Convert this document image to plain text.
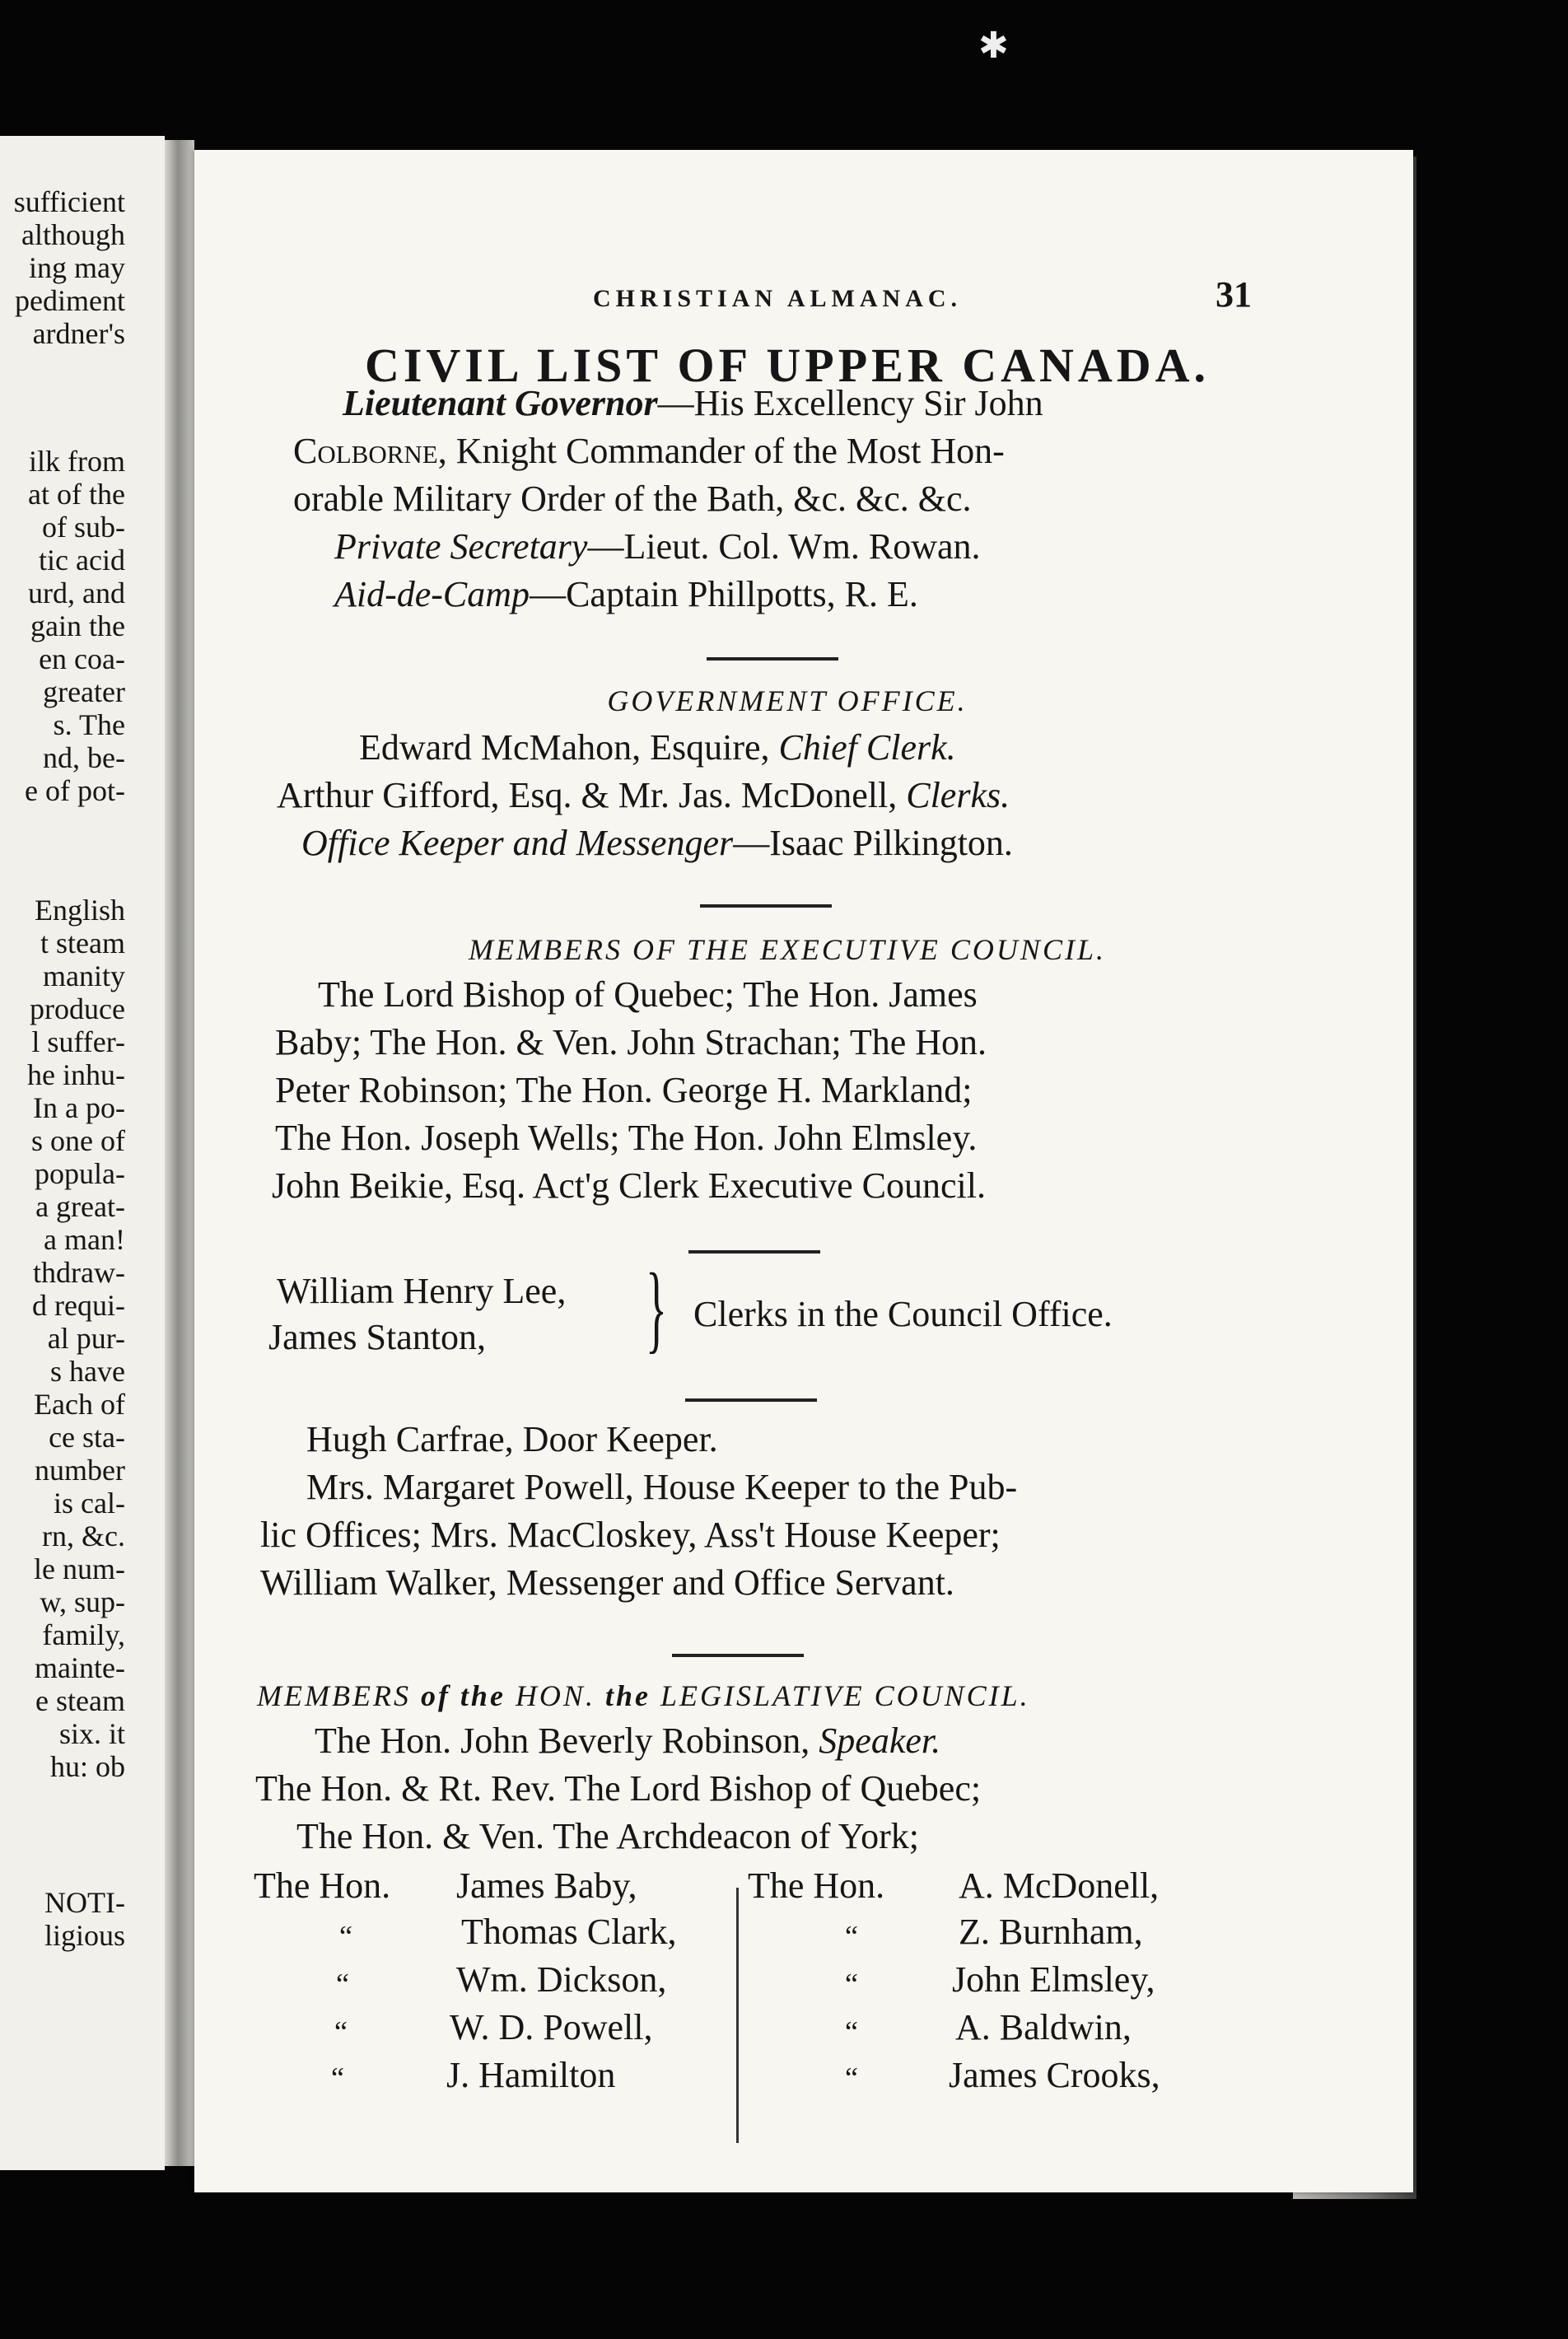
sufficient
although
ing may
pediment
ardner's
ilk from
at of the
of sub-
tic acid
urd, and
gain the
en coa-
greater
s. The
nd, be-
e of pot-
English
t steam
manity
produce
l suffer-
he inhu-
In a po-
s one of
popula-
a great-
a man!
thdraw-
d requi-
al pur-
s have
Each of
ce sta-
number
is cal-
rn, &c.
le num-
w, sup-
family,
mainte-
e steam
six. it
hu: ob
NOTI-
ligious
✱
CHRISTIAN ALMANAC.	31
CIVIL LIST OF UPPER CANADA.
Lieutenant Governor—His Excellency Sir John
Colborne, Knight Commander of the Most Hon-
orable Military Order of the Bath, &c. &c. &c.
Private Secretary—Lieut. Col. Wm. Rowan.
Aid-de-Camp—Captain Phillpotts, R. E.
GOVERNMENT OFFICE.
Edward McMahon, Esquire, Chief Clerk.
Arthur Gifford, Esq. & Mr. Jas. McDonell, Clerks.
Office Keeper and Messenger—Isaac Pilkington.
MEMBERS OF THE EXECUTIVE COUNCIL.
The Lord Bishop of Quebec; The Hon. James
Baby; The Hon. & Ven. John Strachan; The Hon.
Peter Robinson; The Hon. George H. Markland;
The Hon. Joseph Wells; The Hon. John Elmsley.
John Beikie, Esq. Act'g Clerk Executive Council.
William Henry Lee,
James Stanton, } Clerks in the Council Office.
Hugh Carfrae, Door Keeper.
Mrs. Margaret Powell, House Keeper to the Pub-
lic Offices; Mrs. MacCloskey, Ass't House Keeper;
William Walker, Messenger and Office Servant.
MEMBERS of the HON. the LEGISLATIVE COUNCIL.
The Hon. John Beverly Robinson, Speaker.
The Hon. & Rt. Rev. The Lord Bishop of Quebec;
The Hon. & Ven. The Archdeacon of York;
The Hon. James Baby,
“	Thomas Clark,
“	Wm. Dickson,
“	W. D. Powell,
“	J. Hamilton
The Hon. A. McDonell,
“	Z. Burnham,
“	John Elmsley,
“	A. Baldwin,
“	James Crooks,
